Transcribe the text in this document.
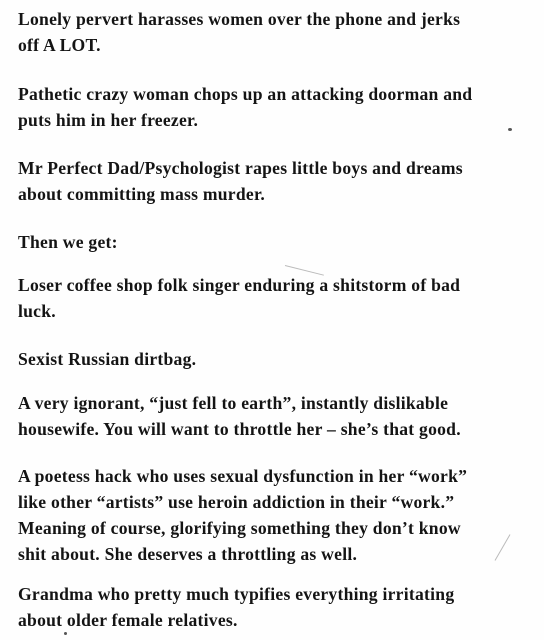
Lonely pervert harasses women over the phone and jerks
off A LOT.

Pathetic crazy woman chops up an attacking doorman and
puts him in her freezer.

Mr Perfect Dad/Psychologist rapes little boys and dreams
about committing mass murder.

Then we get:

Loser coffee shop folk singer enduring a shitstorm of bad
luck.

Sexist Russian dirtbag.

A very ignorant, “just fell to earth”, instantly dislikable
housewife. You will want to throttle her – she’s that good.

A poetess hack who uses sexual dysfunction in her “work”
like other “artists” use heroin addiction in their “work.”
Meaning of course, glorifying something they don’t know
shit about. She deserves a throttling as well.

Grandma who pretty much typifies everything irritating
about older female relatives.
